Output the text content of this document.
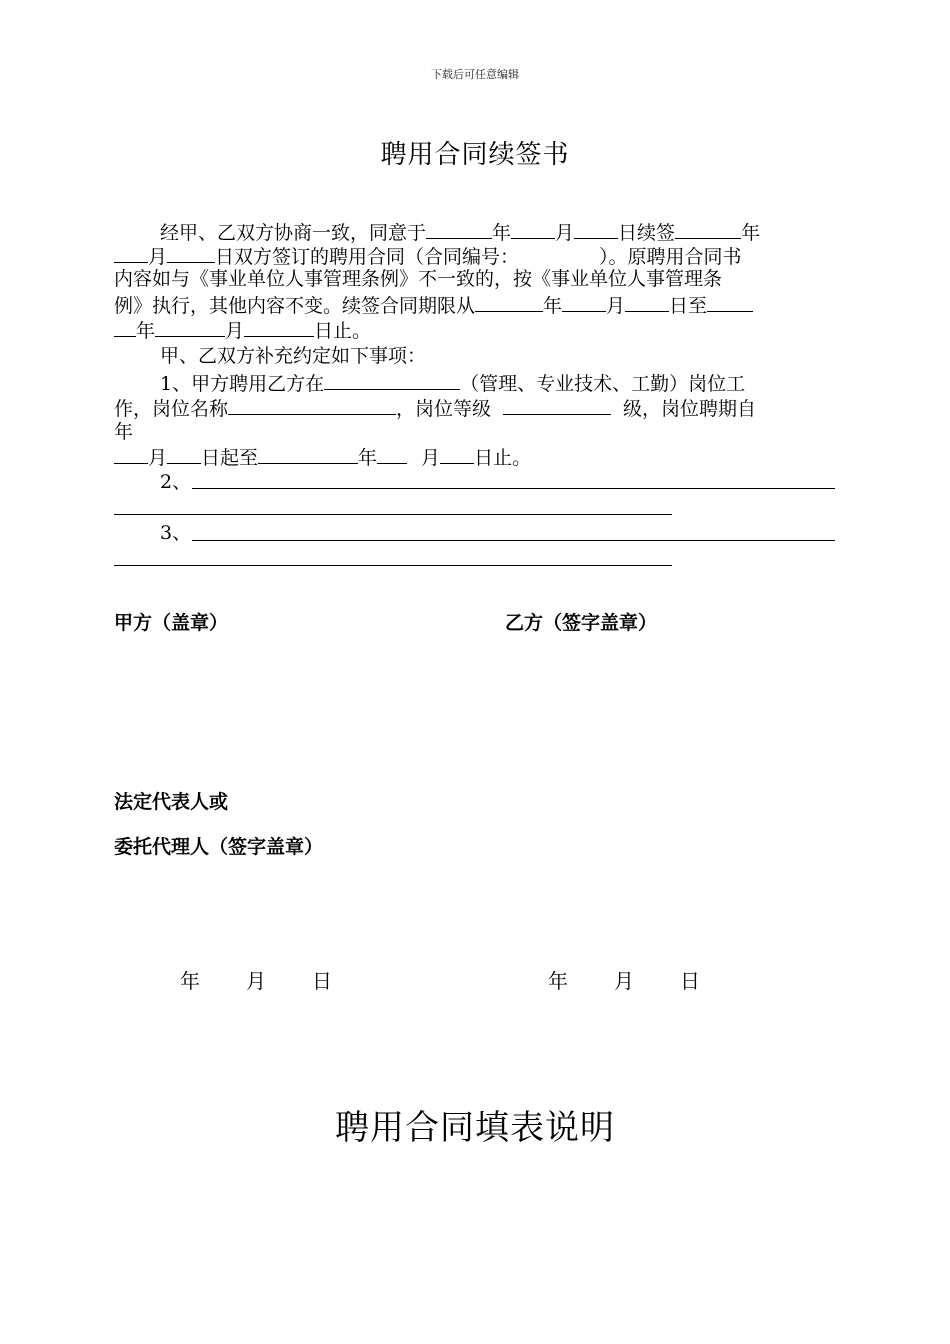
下载后可任意编辑
聘用合同续签书
经甲、乙双方协商一致，同意于	年 月 日续签	年
月	日双方签订的聘用合同（合同编号：	）。原聘用合同书
内容如与《事业单位人事管理条例》不一致的，按《事业单位人事管理条
例》执行，其他内容不变。续签合同期限从	年 月 日至
年	月	日止。
甲、乙双方补充约定如下事项：
1、甲方聘用乙方在	（管理、专业技术、工勤）岗位工
作，岗位名称	，岗位等级	级，岗位聘期自
年
月 日起至	年 月 日止。
2、
3、
甲方（盖章）	乙方（签字盖章）
法定代表人或
委托代理人（签字盖章）
年 月 日	年 月 日
聘用合同填表说明
